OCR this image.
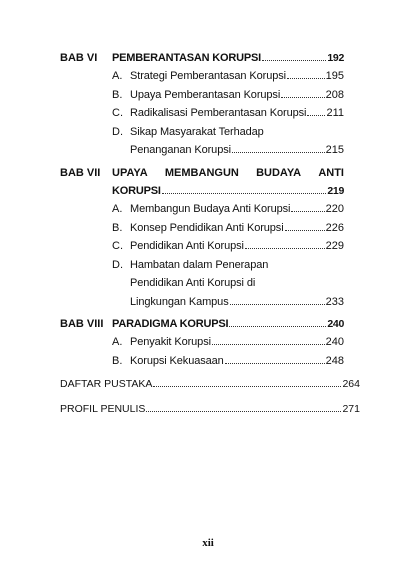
BAB VI	PEMBERANTASAN KORUPSI	192
A. Strategi Pemberantasan Korupsi	195
B. Upaya Pemberantasan Korupsi	208
C. Radikalisasi Pemberantasan Korupsi 211
D. Sikap Masyarakat Terhadap
Penanganan Korupsi	215
BAB VII	UPAYA MEMBANGUN BUDAYA ANTI
KORUPSI	219
A. Membangun Budaya Anti Korupsi	220
B. Konsep Pendidikan Anti Korupsi	226
C. Pendidikan Anti Korupsi	229
D. Hambatan dalam Penerapan
Pendidikan Anti Korupsi di
Lingkungan Kampus	233
BAB VIII PARADIGMA KORUPSI	240
A. Penyakit Korupsi	240
B. Korupsi Kekuasaan	248
DAFTAR PUSTAKA	264
PROFIL PENULIS	271
xii
